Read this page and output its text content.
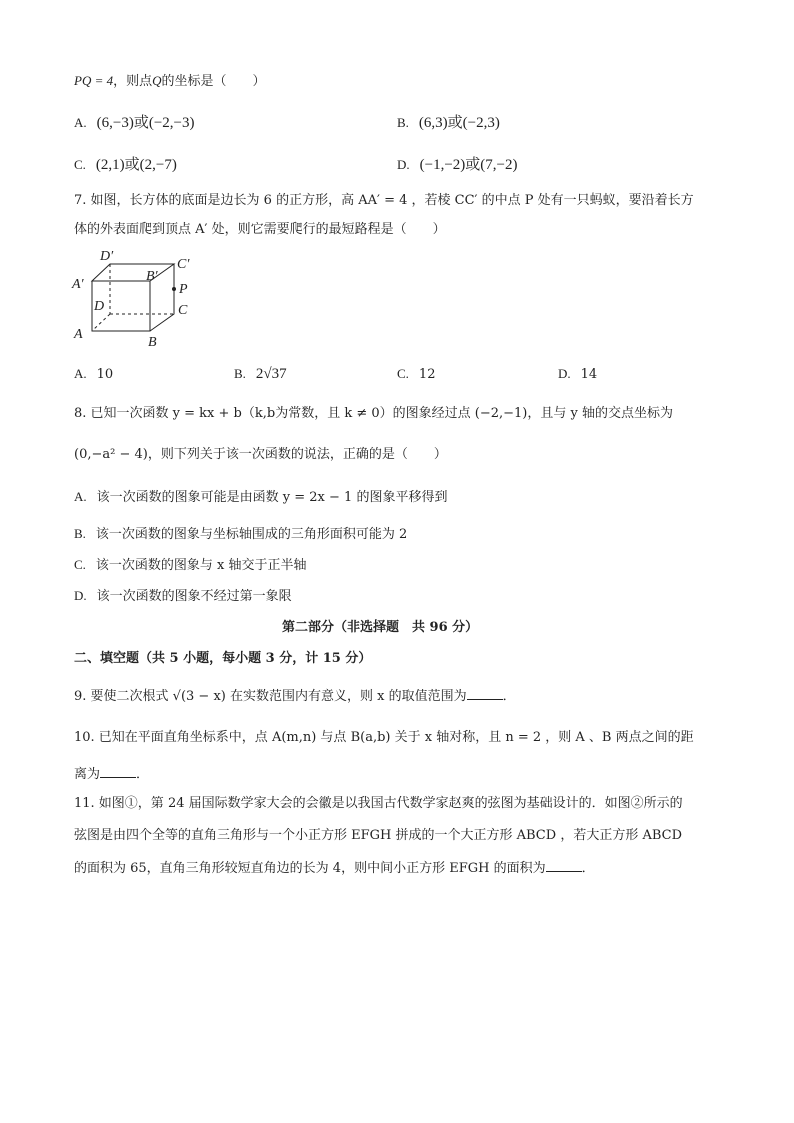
PQ = 4，则点Q的坐标是（　　）
A. (6,−3)或(−2,−3)	B. (6,3)或(−2,3)
C. (2,1)或(2,−7)	D. (−1,−2)或(7,−2)
7. 如图，长方体的底面是边长为 6 的正方形，高 AA′ = 4 ，若棱 CC′ 的中点 P 处有一只蚂蚁，要沿着长方
体的外表面爬到顶点 A′ 处，则它需要爬行的最短路程是（　　）
D′
C′
A′
B′
P
D	C
A
B
A. 10	B. 2√37	C. 12	D. 14
8. 已知一次函数 y = kx + b（k,b为常数，且 k ≠ 0）的图象经过点 (−2,−1)，且与 y 轴的交点坐标为
(0,−a² − 4)，则下列关于该一次函数的说法，正确的是（　　）
A. 该一次函数的图象可能是由函数 y = 2x − 1 的图象平移得到
B. 该一次函数的图象与坐标轴围成的三角形面积可能为 2
C. 该一次函数的图象与 x 轴交于正半轴
D. 该一次函数的图象不经过第一象限
第二部分（非选择题　共 96 分）
二、填空题（共 5 小题，每小题 3 分，计 15 分）
9. 要使二次根式 √(3 − x) 在实数范围内有意义，则 x 的取值范围为	．
10. 已知在平面直角坐标系中，点 A(m,n) 与点 B(a,b) 关于 x 轴对称，且 n = 2 ，则 A 、B 两点之间的距
离为	．
11. 如图①，第 24 届国际数学家大会的会徽是以我国古代数学家赵爽的弦图为基础设计的．如图②所示的
弦图是由四个全等的直角三角形与一个小正方形 EFGH 拼成的一个大正方形 ABCD ，若大正方形 ABCD
的面积为 65，直角三角形较短直角边的长为 4，则中间小正方形 EFGH 的面积为	．
